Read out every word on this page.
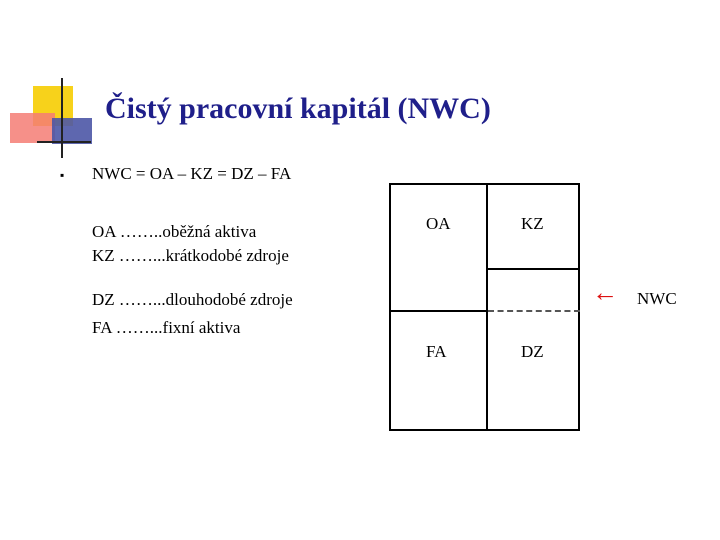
Čistý pracovní kapitál (NWC)
▪ NWC = OA – KZ = DZ – FA
OA ……..oběžná aktiva
KZ ……...krátkodobé zdroje
DZ ……...dlouhodobé zdroje
FA ……...fixní aktiva
OA	KZ
FA	DZ
← NWC
